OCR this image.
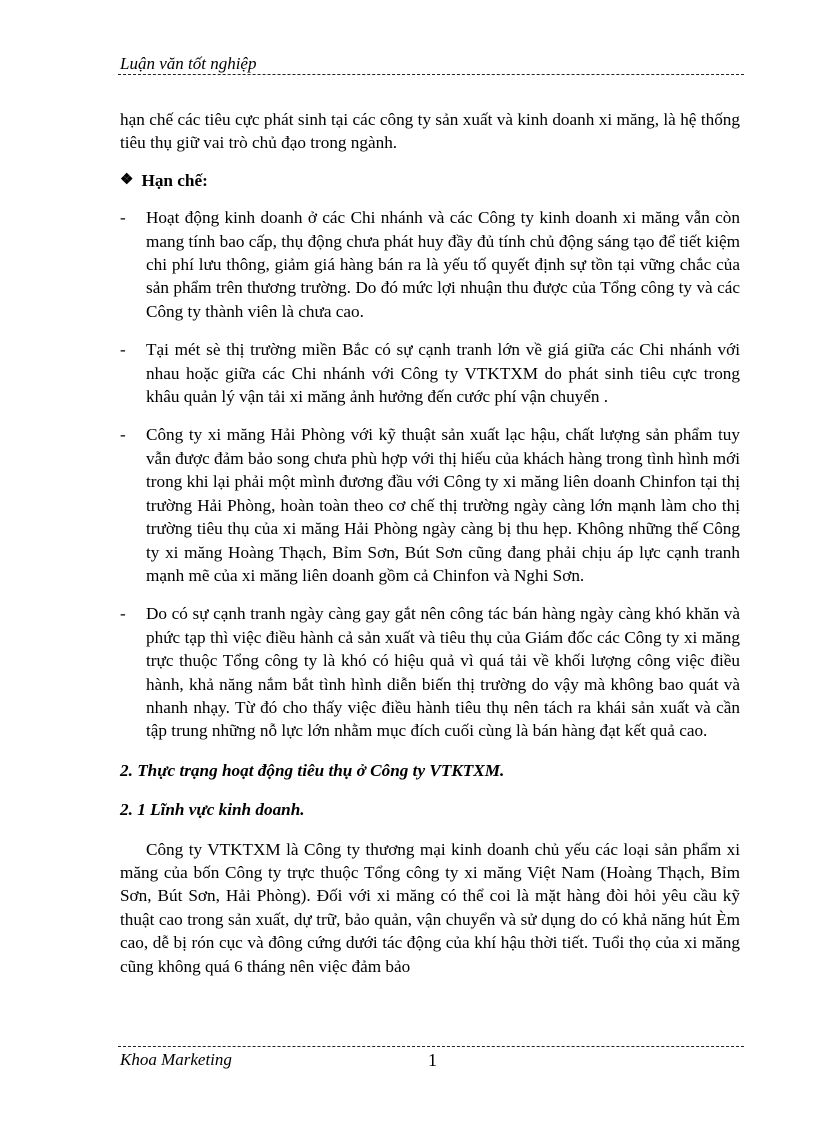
Luận văn tốt nghiệp

hạn chế các tiêu cực phát sinh tại các công ty sản xuất và kinh doanh xi măng, là hệ thống tiêu thụ giữ vai trò chủ đạo trong ngành.

❖ Hạn chế:
- Hoạt động kinh doanh ở các Chi nhánh và các Công ty kinh doanh xi măng vẫn còn mang tính bao cấp, thụ động chưa phát huy đầy đủ tính chủ động sáng tạo để tiết kiệm chi phí lưu thông, giảm giá hàng bán ra là yếu tố quyết định sự tồn tại vững chắc của sản phẩm trên thương trường. Do đó mức lợi nhuận thu được của Tổng công ty và các Công ty thành viên là chưa cao.
- Tại mét sè thị trường miền Bắc có sự cạnh tranh lớn về giá giữa các Chi nhánh với nhau hoặc giữa các Chi nhánh với Công ty VTKTXM do phát sinh tiêu cực trong khâu quản lý vận tải xi măng ảnh hưởng đến cước phí vận chuyển .
- Công ty xi măng Hải Phòng với kỹ thuật sản xuất lạc hậu, chất lượng sản phẩm tuy vẫn được đảm bảo song chưa phù hợp với thị hiếu của khách hàng trong tình hình mới trong khi lại phải một mình đương đầu với Công ty xi măng liên doanh Chinfon tại thị trường Hải Phòng, hoàn toàn theo cơ chế thị trường ngày càng lớn mạnh làm cho thị trường tiêu thụ của xi măng Hải Phòng ngày càng bị thu hẹp. Không những thế Công ty xi măng Hoàng Thạch, Bỉm Sơn, Bút Sơn cũng đang phải chịu áp lực cạnh tranh mạnh mẽ của xi măng liên doanh gồm cả Chinfon và Nghi Sơn.
- Do có sự cạnh tranh ngày càng gay gắt nên công tác bán hàng ngày càng khó khăn và phức tạp thì việc điều hành cả sản xuất và tiêu thụ của Giám đốc các Công ty xi măng trực thuộc Tổng công ty là khó có hiệu quả vì quá tải về khối lượng công việc điều hành, khả năng nắm bắt tình hình diễn biến thị trường do vậy mà không bao quát và nhanh nhạy. Từ đó cho thấy việc điều hành tiêu thụ nên tách ra khái sản xuất và cần tập trung những nỗ lực lớn nhằm mục đích cuối cùng là bán hàng đạt kết quả cao.
2. Thực trạng hoạt động tiêu thụ ở Công ty VTKTXM.
2. 1 Lĩnh vực kinh doanh.

Công ty VTKTXM là Công ty thương mại kinh doanh chủ yếu các loại sản phẩm xi măng của bốn Công ty trực thuộc Tổng công ty xi măng Việt Nam (Hoàng Thạch, Bỉm Sơn, Bút Sơn, Hải Phòng). Đối với xi măng có thể coi là mặt hàng đòi hỏi yêu cầu kỹ thuật cao trong sản xuất, dự trữ, bảo quản, vận chuyển và sử dụng do có khả năng hút Èm cao, dễ bị rón cục và đông cứng dưới tác động của khí hậu thời tiết. Tuổi thọ của xi măng cũng không quá 6 tháng nên việc đảm bảo

Khoa Marketing	1
